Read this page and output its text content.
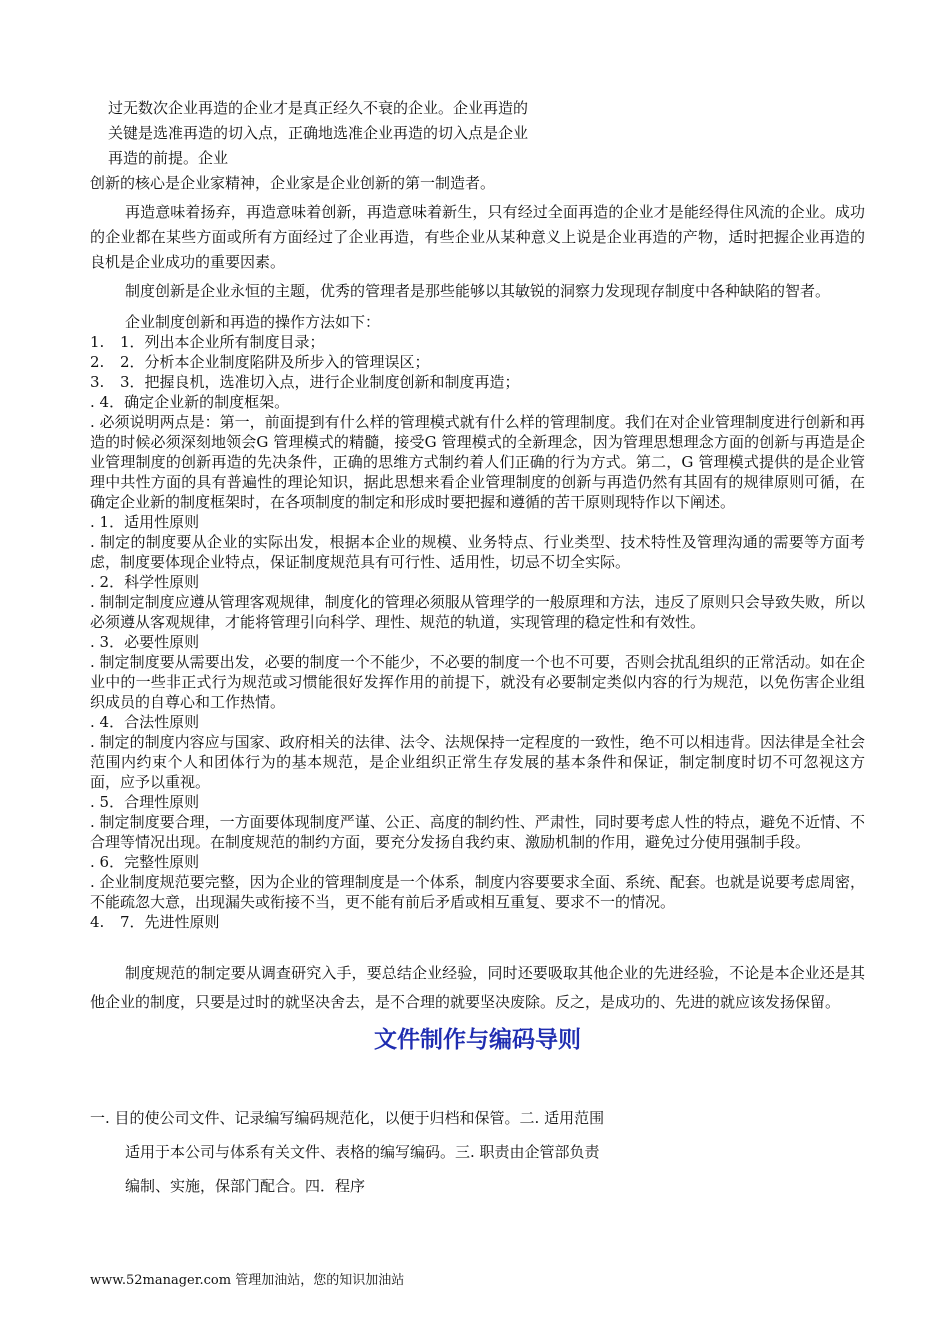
过无数次企业再造的企业才是真正经久不衰的企业。企业再造的

关键是选准再造的切入点，正确地选准企业再造的切入点是企业

再造的前提。企业

创新的核心是企业家精神，企业家是企业创新的第一制造者。

再造意味着扬弃，再造意味着创新，再造意味着新生，只有经过全面再造的企业才是能经得住风流的企业。成功的企业都在某些方面或所有方面经过了企业再造，有些企业从某种意义上说是企业再造的产物，适时把握企业再造的良机是企业成功的重要因素。

制度创新是企业永恒的主题，优秀的管理者是那些能够以其敏锐的洞察力发现现存制度中各种缺陷的智者。

企业制度创新和再造的操作方法如下：

1.	1．列出本企业所有制度目录；
2.	2．分析本企业制度陷阱及所步入的管理误区；
3.	3．把握良机，选准切入点，进行企业制度创新和制度再造；

. 4．确定企业新的制度框架。

. 必须说明两点是：第一，前面提到有什么样的管理模式就有什么样的管理制度。我们在对企业管理制度进行创新和再造的时候必须深刻地领会G 管理模式的精髓，接受G 管理模式的全新理念，因为管理思想理念方面的创新与再造是企业管理制度的创新再造的先决条件，正确的思维方式制约着人们正确的行为方式。第二，G 管理模式提供的是企业管理中共性方面的具有普遍性的理论知识，据此思想来看企业管理制度的创新与再造仍然有其固有的规律原则可循，在确定企业新的制度框架时，在各项制度的制定和形成时要把握和遵循的苦干原则现特作以下阐述。

. 1．适用性原则

. 制定的制度要从企业的实际出发，根据本企业的规模、业务特点、行业类型、技术特性及管理沟通的需要等方面考虑，制度要体现企业特点，保证制度规范具有可行性、适用性，切忌不切全实际。

. 2．科学性原则

. 制制定制度应遵从管理客观规律，制度化的管理必须服从管理学的一般原理和方法，违反了原则只会导致失败，所以必须遵从客观规律，才能将管理引向科学、理性、规范的轨道，实现管理的稳定性和有效性。

. 3．必要性原则

. 制定制度要从需要出发，必要的制度一个不能少，不必要的制度一个也不可要，否则会扰乱组织的正常活动。如在企业中的一些非正式行为规范或习惯能很好发挥作用的前提下，就没有必要制定类似内容的行为规范，以免伤害企业组织成员的自尊心和工作热情。

. 4．合法性原则

. 制定的制度内容应与国家、政府相关的法律、法令、法规保持一定程度的一致性，绝不可以相违背。因法律是全社会范围内约束个人和团体行为的基本规范，是企业组织正常生存发展的基本条件和保证，制定制度时切不可忽视这方面，应予以重视。

. 5．合理性原则

. 制定制度要合理，一方面要体现制度严谨、公正、高度的制约性、严肃性，同时要考虑人性的特点，避免不近情、不合理等情况出现。在制度规范的制约方面，要充分发扬自我约束、激励机制的作用，避免过分使用强制手段。

. 6．完整性原则

. 企业制度规范要完整，因为企业的管理制度是一个体系，制度内容要要求全面、系统、配套。也就是说要考虑周密，不能疏忽大意，出现漏失或衔接不当，更不能有前后矛盾或相互重复、要求不一的情况。

4.	7．先进性原则

制度规范的制定要从调查研究入手，要总结企业经验，同时还要吸取其他企业的先进经验，不论是本企业还是其他企业的制度，只要是过时的就坚决舍去，是不合理的就要坚决废除。反之，是成功的、先进的就应该发扬保留。

文件制作与编码导则

一. 目的使公司文件、记录编写编码规范化，以便于归档和保管。二. 适用范围

适用于本公司与体系有关文件、表格的编写编码。三. 职责由企管部负责

编制、实施，保部门配合。四．程序

www.52manager.com 管理加油站，您的知识加油站
